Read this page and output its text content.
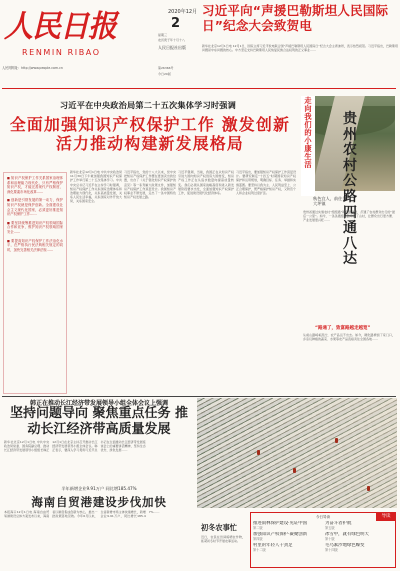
人民日报
RENMIN RIBAO
人民网网址：http://www.people.com.cn
2020年12月
2
星期三
农历庚子年十月十八
人民日报社出版
第26366号
今日20版
习近平向“声援巴勒斯坦人民国际日”纪念大会致贺电
新华社北京12月1日电 12月1日，国家主席习近平致电联合国“声援巴勒斯坦人民国际日”纪念大会主席迪昂，表示热烈祝贺。习近平指出，巴勒斯坦问题是中东问题的核心。中方坚定支持巴勒斯坦人民恢复民族合法权利的正义事业……
习近平在中央政治局第二十五次集体学习时强调
全面加强知识产权保护工作 激发创新活力推动构建新发展格局
■ 知识产权保护工作关系国家治理体系和治理能力现代化，只有严格保护知识产权，才能完善现代产权制度、深化要素市场化改革……
■ 创新是引领发展的第一动力，保护知识产权就是保护创新。全面建设社会主义现代化国家，必须更好推进知识产权保护工作……
■ 要坚持统筹推进知识产权领域国际合作和竞争，维护知识产权领域国家安全……
■ 要提高知识产权保护工作法治化水平，在严格执行民法典相关规定的同时，加快完善相关法律法规……
新华社北京12月1日电 中共中央政治局11月30日下午就加强我国知识产权保护工作举行第二十五次集体学习。中共中央总书记习近平在主持学习时强调，知识产权保护工作关系国家治理体系和治理能力现代化，关系高质量发展，关系人民生活幸福，关系国家对外开放大局，关系国家安全。
习近平指出，党的十八大以来，党中央把知识产权保护工作摆在更加突出的位置，出台了《关于强化知识产权保护的意见》等一系列重大政策文件，加强知识产权保护工作顶层设计。我国知识产权事业不断发展，走出了一条中国特色知识产权发展之路。
习近平强调，当前，我国正在从知识产权引进大国向知识产权创造大国转变，知识产权工作正在从追求数量向提高质量转变。我们必须从国家战略高度和进入新发展阶段要求出发，全面加强知识产权保护工作，促进建设现代化经济体系。
习近平指出，要加强知识产权保护工作顶层设计。要研究制定“十四五”时期国家知识产权保护和运用规划，明确目标、任务、举措和实施蓝图。要坚持以我为主、人民利益至上、公正合理保护，既严格保护知识产权，又防范个人和企业权利过度扩张。
走向我们的小康生活
贵州农村公路四通八达
秋色宜人，前往务川大坪镇
贵州省通过实施农村“组组通”硬化路建设，打通了农村群众出行的“最后一公里”。如今，一条条通组公路串起了山村，让群众出行更方便、产业发展更兴旺……
“路通了，致富路越走越宽”
从前山路崎岖泥泞，农产品运不出去。如今，硬化路修到了家门口，乡亲们种植的蔬菜、水果等农产品直接卖往全国各地……
韩正在推动长江经济带发展领导小组全体会议上强调
坚持问题导向 聚焦重点任务 推动长江经济带高质量发展
新华社北京12月1日电 中共中央政治局常委、国务院副总理、推动长江经济带发展领导小组组长韩正12月1日在北京主持召开推动长江经济带发展领导小组全体会议。韩正表示，要深入学习贯彻习近平总书记在全面推动长江经济带发展座谈会上的重要讲话精神，坚持生态优先、绿色发展……
半年新增企业9.91万户 同比增185.47%
海南自贸港建设步伐加快
本报海口12月1日电 海南自由贸易港建设总体方案发布以来，海南省以制度集成创新为核心，推出一批政策落地见效。今年6月以来，全省新增市场主体快速增长，新增企业9.91万户，同比增长185.47%……
初冬农事忙
近日，农民在田间晾晒农作物，抓紧初冬时节开展农事活动。
今日导读
推进雨林保护建设·见证中国
第二版
为奋斗者护航
第五版
加强知识产权保护·凝聚创新
第四版
冰雪中，就有绿色明天
第十版
村里的年轻人干劲足
第十二版
毛乌素沙地绿色蝶变
第十四版
导读
